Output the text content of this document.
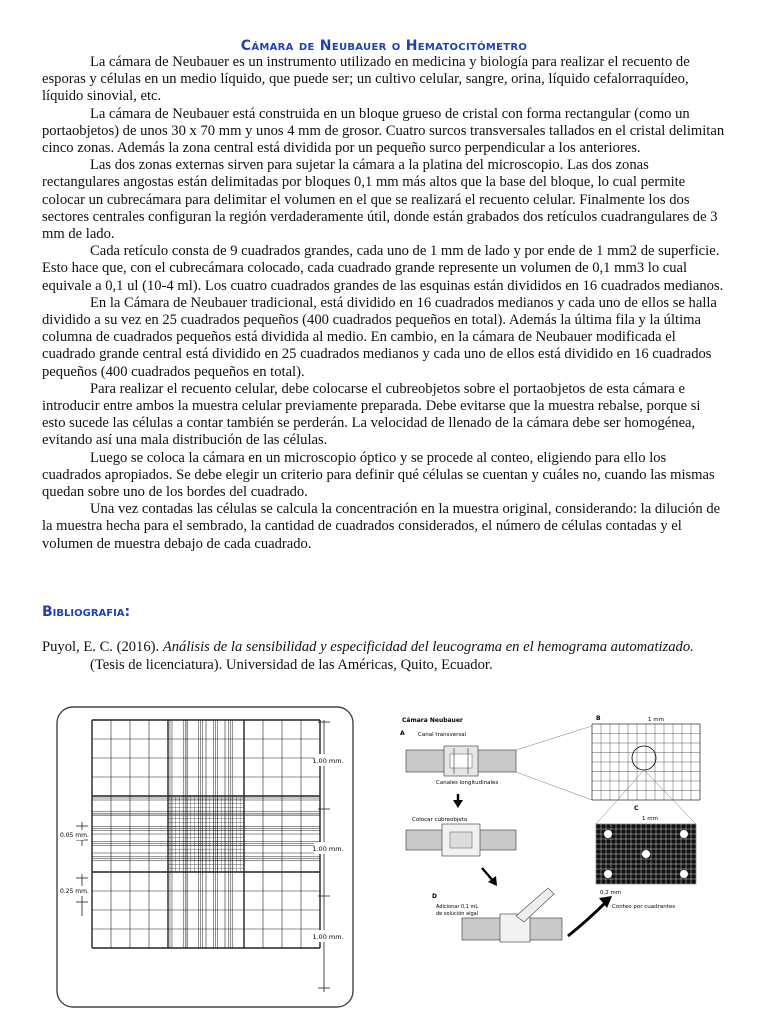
Cámara de Neubauer o Hematocitómetro

La cámara de Neubauer es un instrumento utilizado en medicina y biología para realizar el recuento de esporas y células en un medio líquido, que puede ser; un cultivo celular, sangre, orina, líquido cefalorraquídeo, líquido sinovial, etc.

La cámara de Neubauer está construida en un bloque grueso de cristal con forma rectangular (como un portaobjetos) de unos 30 x 70 mm y unos 4 mm de grosor. Cuatro surcos transversales tallados en el cristal delimitan cinco zonas. Además la zona central está dividida por un pequeño surco perpendicular a los anteriores.

Las dos zonas externas sirven para sujetar la cámara a la platina del microscopio. Las dos zonas rectangulares angostas están delimitadas por bloques 0,1 mm más altos que la base del bloque, lo cual permite colocar un cubrecámara para delimitar el volumen en el que se realizará el recuento celular. Finalmente los dos sectores centrales configuran la región verdaderamente útil, donde están grabados dos retículos cuadrangulares de 3 mm de lado.

Cada retículo consta de 9 cuadrados grandes, cada uno de 1 mm de lado y por ende de 1 mm2 de superficie. Esto hace que, con el cubrecámara colocado, cada cuadrado grande represente un volumen de 0,1 mm3 lo cual equivale a 0,1 ul (10-4 ml). Los cuatro cuadrados grandes de las esquinas están divididos en 16 cuadrados medianos.

En la Cámara de Neubauer tradicional, está dividido en 16 cuadrados medianos y cada uno de ellos se halla dividido a su vez en 25 cuadrados pequeños (400 cuadrados pequeños en total). Además la última fila y la última columna de cuadrados pequeños está dividida al medio. En cambio, en la cámara de Neubauer modificada el cuadrado grande central está dividido en 25 cuadrados medianos y cada uno de ellos está dividido en 16 cuadrados pequeños (400 cuadrados pequeños en total).

Para realizar el recuento celular, debe colocarse el cubreobjetos sobre el portaobjetos de esta cámara e introducir entre ambos la muestra celular previamente preparada. Debe evitarse que la muestra rebalse, porque si esto sucede las células a contar también se perderán. La velocidad de llenado de la cámara debe ser homogénea, evitando así una mala distribución de las células.

Luego se coloca la cámara en un microscopio óptico y se procede al conteo, eligiendo para ello los cuadrados apropiados. Se debe elegir un criterio para definir qué células se cuentan y cuáles no, cuando las mismas quedan sobre uno de los bordes del cuadrado.

Una vez contadas las células se calcula la concentración en la muestra original, considerando: la dilución de la muestra hecha para el sembrado, la cantidad de cuadrados considerados, el número de células contadas y el volumen de muestra debajo de cada cuadrado.

Bibliografia:
Puyol, E. C. (2016). Análisis de la sensibilidad y especificidad del leucograma en el hemograma automatizado. (Tesis de licenciatura). Universidad de las Américas, Quito, Ecuador.
1.00 mm.
1.00 mm.
1.00 mm.
0.05 mm.
0.25 mm.
Cámara Neubauer
A Canal transversal
Canales longitudinales
Colocar cubreobjeto
D
Adicionar 0,1 mL
de solución algal
B	1 mm
C
1 mm
0,2 mm
Conteo por cuadrantes
